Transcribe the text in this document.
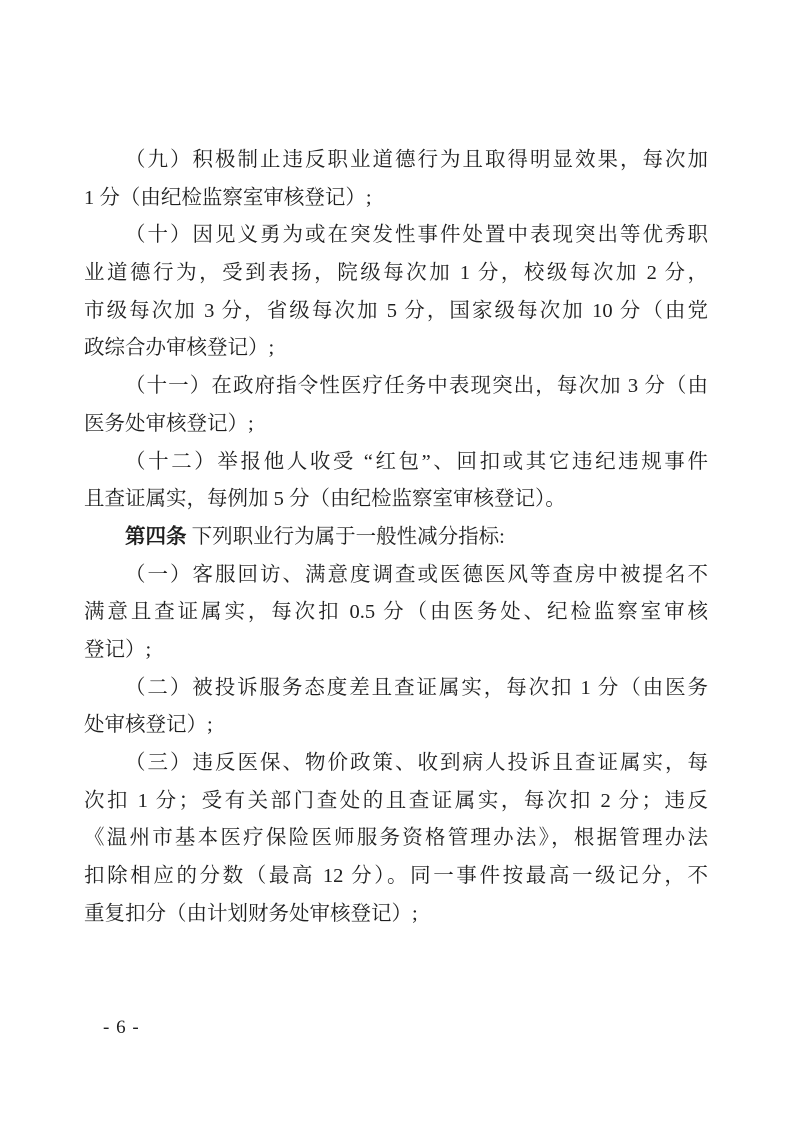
（九）积极制止违反职业道德行为且取得明显效果，每次加
1 分（由纪检监察室审核登记）;
（十）因见义勇为或在突发性事件处置中表现突出等优秀职
业道德行为，受到表扬，院级每次加 1 分，校级每次加 2 分，
市级每次加 3 分，省级每次加 5 分，国家级每次加 10 分（由党
政综合办审核登记）;
（十一）在政府指令性医疗任务中表现突出，每次加 3 分（由
医务处审核登记）;
（十二）举报他人收受 “红包”、回扣或其它违纪违规事件
且查证属实，每例加 5 分（由纪检监察室审核登记）。
第四条 下列职业行为属于一般性减分指标:
（一）客服回访、满意度调查或医德医风等查房中被提名不
满意且查证属实，每次扣 0.5 分（由医务处、纪检监察室审核
登记）;
（二）被投诉服务态度差且查证属实，每次扣 1 分（由医务
处审核登记）;
（三）违反医保、物价政策、收到病人投诉且查证属实，每
次扣 1 分；受有关部门查处的且查证属实，每次扣 2 分；违反
《温州市基本医疗保险医师服务资格管理办法》，根据管理办法
扣除相应的分数（最高 12 分）。同一事件按最高一级记分，不
重复扣分（由计划财务处审核登记）;
- 6 -
